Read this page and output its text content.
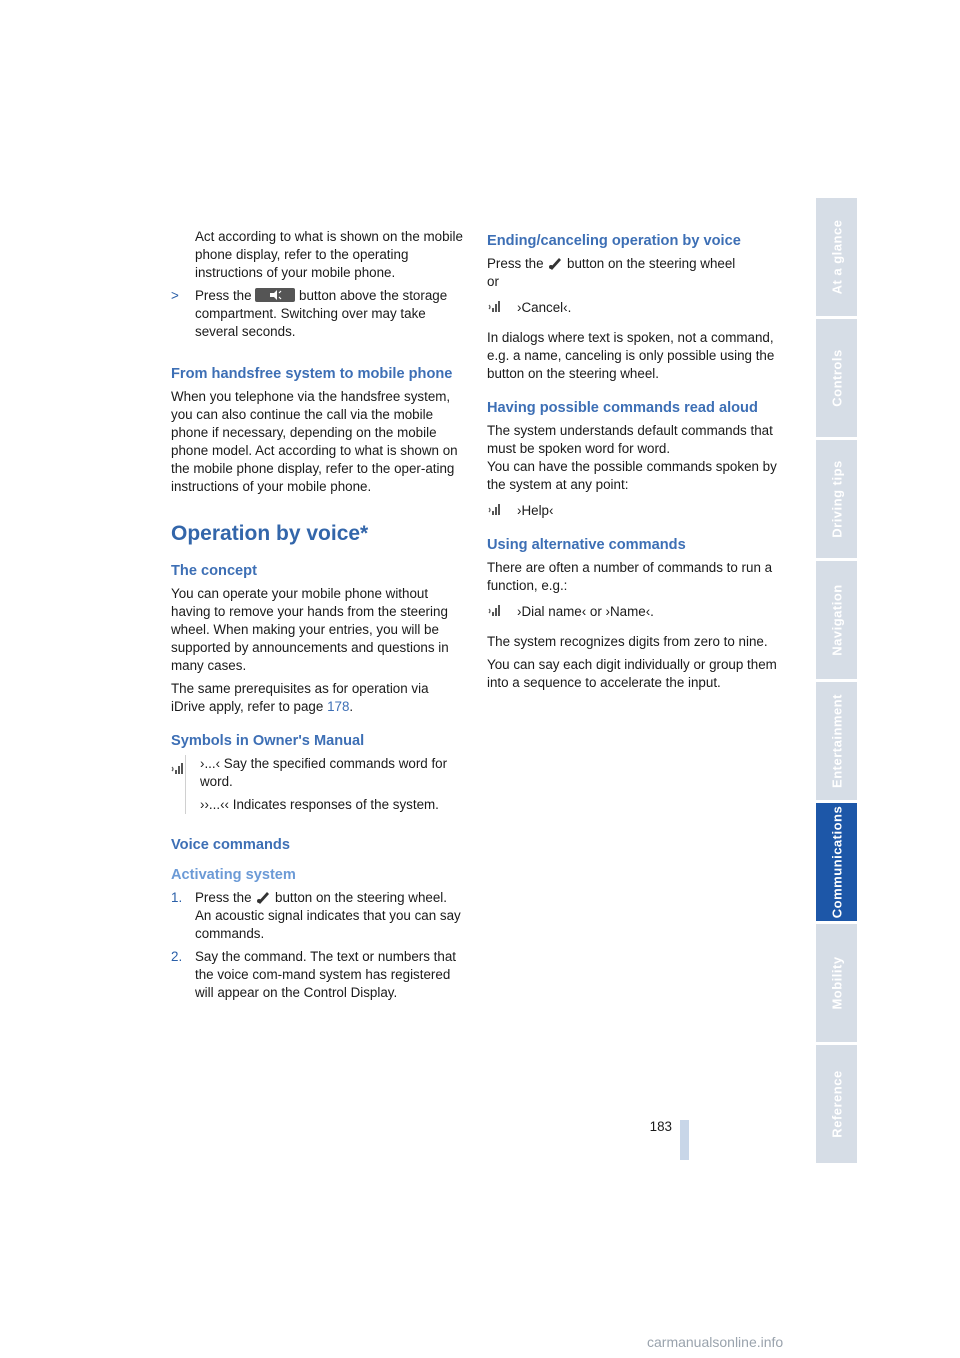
Act according to what is shown on the mobile phone display, refer to the operating instructions of your mobile phone.

> Press the	button above the storage compartment. Switching over may take several seconds.
From handsfree system to mobile phone

When you telephone via the handsfree system, you can also continue the call via the mobile phone if necessary, depending on the mobile phone model. Act according to what is shown on the mobile phone display, refer to the oper-ating instructions of your mobile phone.

Operation by voice*
The concept

You can operate your mobile phone without having to remove your hands from the steering wheel. When making your entries, you will be supported by announcements and questions in many cases.

The same prerequisites as for operation via iDrive apply, refer to page 178.

Symbols in Owner's Manual

›...‹ Say the specified commands word for word.

››...‹‹ Indicates responses of the system.

Voice commands
Activating system
1. Press the  button on the steering wheel. An acoustic signal indicates that you can say commands.
2. Say the command. The text or numbers that the voice com-mand system has registered will appear on the Control Display.
Ending/canceling operation by voice

Press the  button on the steering wheel

or

›Cancel‹.

In dialogs where text is spoken, not a command, e.g. a name, canceling is only possible using the button on the steering wheel.

Having possible commands read aloud

The system understands default commands that must be spoken word for word.

You can have the possible commands spoken by the system at any point:

›Help‹
Using alternative commands

There are often a number of commands to run a function, e.g.:

›Dial name‹ or ›Name‹.

The system recognizes digits from zero to nine.

You can say each digit individually or group them into a sequence to accelerate the input.

At a glance
Controls
Driving tips
Navigation
Entertainment
Communications
Mobility
Reference
183
carmanualsonline.info
